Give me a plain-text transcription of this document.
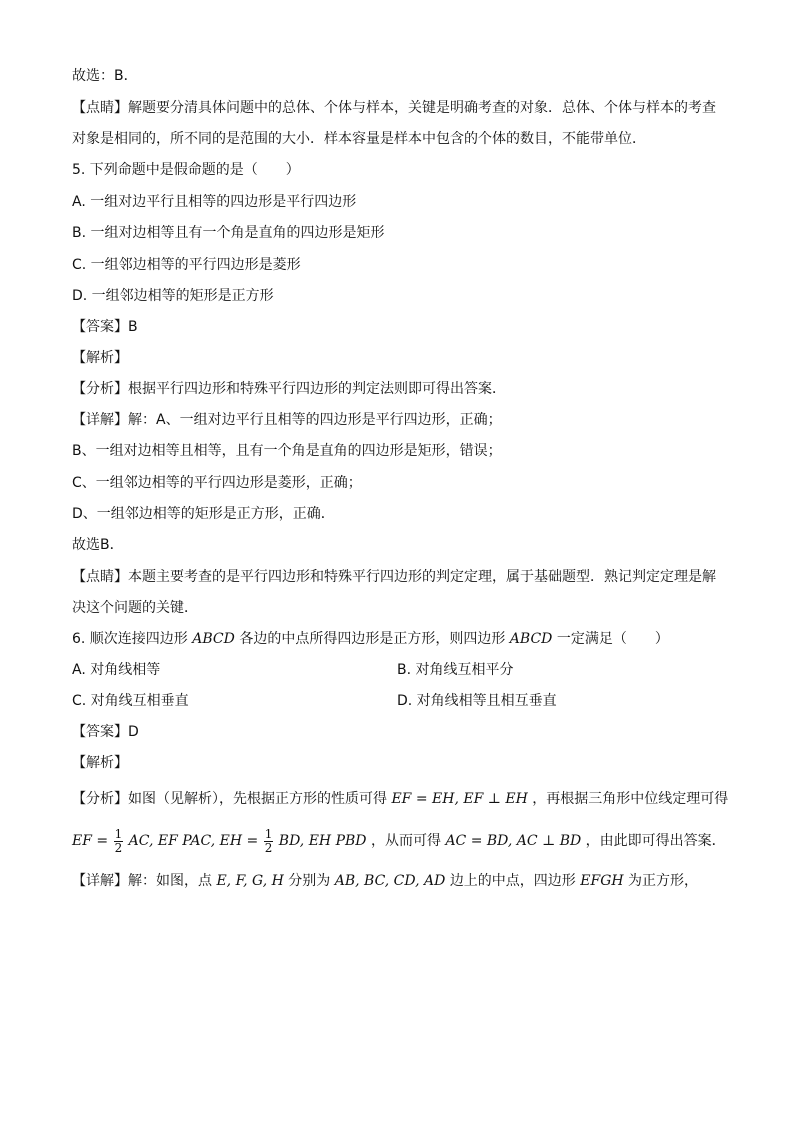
故选：B．
【点睛】解题要分清具体问题中的总体、个体与样本，关键是明确考查的对象．总体、个体与样本的考查
对象是相同的，所不同的是范围的大小．样本容量是样本中包含的个体的数目，不能带单位．
5. 下列命题中是假命题的是（　　）
A. 一组对边平行且相等的四边形是平行四边形
B. 一组对边相等且有一个角是直角的四边形是矩形
C. 一组邻边相等的平行四边形是菱形
D. 一组邻边相等的矩形是正方形
【答案】B
【解析】
【分析】根据平行四边形和特殊平行四边形的判定法则即可得出答案．
【详解】解：A、一组对边平行且相等的四边形是平行四边形，正确；
B、一组对边相等且相等，且有一个角是直角的四边形是矩形，错误；
C、一组邻边相等的平行四边形是菱形，正确；
D、一组邻边相等的矩形是正方形，正确．
故选B．
【点睛】本题主要考查的是平行四边形和特殊平行四边形的判定定理，属于基础题型．熟记判定定理是解
决这个问题的关键．
6. 顺次连接四边形 ABCD 各边的中点所得四边形是正方形，则四边形 ABCD 一定满足（　　）
A. 对角线相等	B. 对角线互相平分
C. 对角线互相垂直	D. 对角线相等且相互垂直
【答案】D
【解析】
【分析】如图（见解析），先根据正方形的性质可得 EF = EH, EF ⊥ EH ，再根据三角形中位线定理可得
EF = $\frac{1}{2}$ AC, EF PAC, EH = $\frac{1}{2}$ BD, EH PBD ，从而可得 AC = BD, AC ⊥ BD ，由此即可得出答案．
【详解】解：如图，点 E, F, G, H 分别为 AB, BC, CD, AD 边上的中点，四边形 EFGH 为正方形，
